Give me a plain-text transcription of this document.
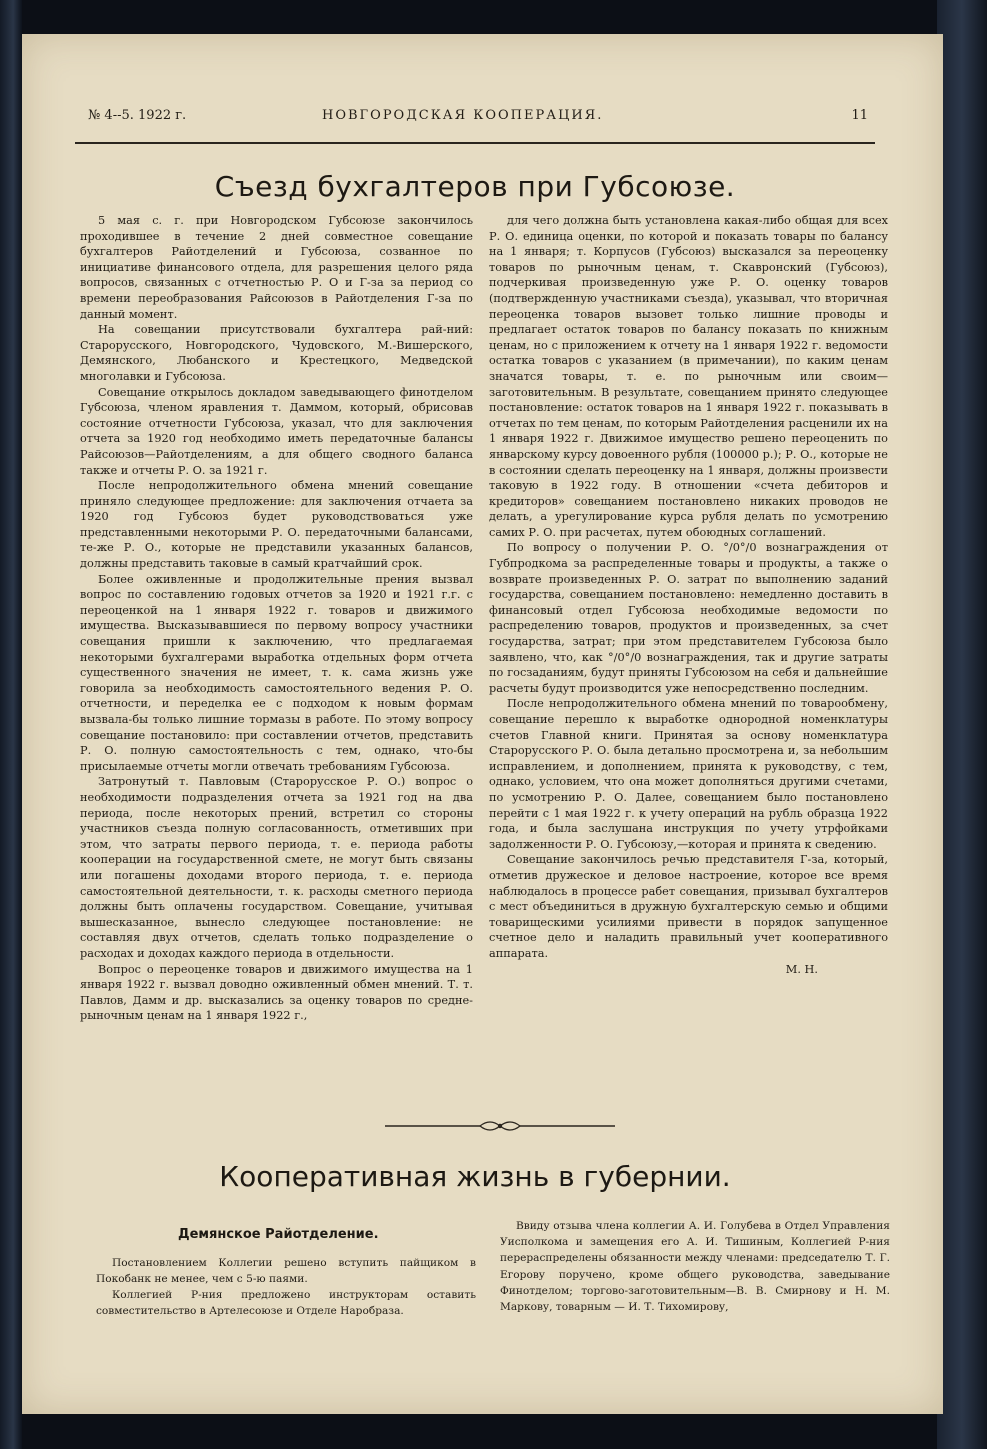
№ 4--5. 1922 г.	НОВГОРОДСКАЯ КООПЕРАЦИЯ.	11
Съезд бухгалтеров при Губсоюзе.

5 мая с. г. при Новгородском Губсоюзе закончилось проходившее в течение 2 дней совместное совещание бухгалтеров Райотделений и Губсоюза, созванное по инициативе финансового отдела, для разрешения целого ряда вопросов, связанных с отчетностью Р. О и Г-за за период со времени переобразования Райсоюзов в Райотделения Г-за по данный момент.

На совещании присутствовали бухгалтера рай-ний: Старорусского, Новгородского, Чудовского, М.-Вишерского, Демянского, Любанского и Крестецкого, Медведской многолавки и Губсоюза.

Совещание открылось докладом заведывающего финотделом Губсоюза, членом яравления т. Даммом, который, обрисовав состояние отчетности Губсоюза, указал, что для заключения отчета за 1920 год необходимо иметь передаточные балансы Райсоюзов—Райотделениям, а для общего сводного баланса также и отчеты Р. О. за 1921 г.

После непродолжительного обмена мнений совещание приняло следующее предложение: для заключения отчаета за 1920 год Губсоюз будет руководствоваться уже представленными некоторыми Р. О. передаточными балансами, те-же Р. О., которые не представили указанных балансов, должны представить таковые в самый кратчайший срок.

Более оживленные и продолжительные прения вызвал вопрос по составлению годовых отчетов за 1920 и 1921 г.г. с переоценкой на 1 января 1922 г. товаров и движимого имущества. Высказывавшиеся по первому вопросу участники совещания пришли к заключению, что предлагаемая некоторыми бухгалгерами выработка отдельных форм отчета существенного значения не имеет, т. к. сама жизнь уже говорила за необходимость самостоятельного ведения Р. О. отчетности, и переделка ее с подходом к новым формам вызвала-бы только лишние тормазы в работе. По этому вопросу совещание постановило: при составлении отчетов, представить Р. О. полную самостоятельность с тем, однако, что-бы присылаемые отчеты могли отвечать требованиям Губсоюза.

Затронутый т. Павловым (Старорусское Р. О.) вопрос о необходимости подразделения отчета за 1921 год на два периода, после некоторых прений, встретил со стороны участников съезда полную согласованность, отметивших при этом, что затраты первого периода, т. е. периода работы кооперации на государственной смете, не могут быть связаны или погашены доходами второго периода, т. е. периода самостоятельной деятельности, т. к. расходы сметного периода должны быть оплачены государством. Совещание, учитывая вышесказанное, вынесло следующее постановление: не составляя двух отчетов, сделать только подразделение о расходах и доходах каждого периода в отдельности.

Вопрос о переоценке товаров и движимого имущества на 1 января 1922 г. вызвал доводно оживленный обмен мнений. Т. т. Павлов, Дамм и др. высказались за оценку товаров по средне-рыночным ценам на 1 января 1922 г.,

для чего должна быть установлена какая-либо общая для всех Р. О. единица оценки, по которой и показать товары по балансу на 1 января; т. Корпусов (Губсоюз) высказался за переоценку товаров по рыночным ценам, т. Скавронский (Губсоюз), подчеркивая произведенную уже Р. О. оценку товаров (подтвержденную участниками съезда), указывал, что вторичная переоценка товаров вызовет только лишние проводы и предлагает остаток товаров по балансу показать по книжным ценам, но с приложением к отчету на 1 января 1922 г. ведомости остатка товаров с указанием (в примечании), по каким ценам значатся товары, т. е. по рыночным или своим— заготовительным. В результате, совещанием принято следующее постановление: остаток товаров на 1 января 1922 г. показывать в отчетах по тем ценам, по которым Райотделения расценили их на 1 января 1922 г. Движимое имущество решено переоценить по январскому курсу довоенного рубля (100000 р.); Р. О., которые не в состоянии сделать переоценку на 1 января, должны произвести таковую в 1922 году. В отношении «счета дебиторов и кредиторов» совещанием постановлено никаких проводов не делать, а урегулирование курса рубля делать по усмотрению самих Р. О. при расчетах, путем обоюдных соглашений.

По вопросу о получении Р. О. °/0°/0 вознаграждения от Губпродкома за распределенные товары и продукты, а также о возврате произведенных Р. О. затрат по выполнению заданий государства, совещанием постановлено: немедленно доставить в финансовый отдел Губсоюза необходимые ведомости по распределению товаров, продуктов и произведенных, за счет государства, затрат; при этом представителем Губсоюза было заявлено, что, как °/0°/0 вознаграждения, так и другие затраты по госзаданиям, будут приняты Губсоюзом на себя и дальнейшие расчеты будут производится уже непосредственно последним.

После непродолжительного обмена мнений по товарообмену, совещание перешло к выработке однородной номенклатуры счетов Главной книги. Принятая за основу номенклатура Старорусского Р. О. была детально просмотрена и, за небольшим исправлением, и дополнением, принята к руководству, с тем, однако, условием, что она может дополняться другими счетами, по усмотрению Р. О. Далее, совещанием было постановлено перейти с 1 мая 1922 г. к учету операций на рубль образца 1922 года, и была заслушана инструкция по учету утрфойками задолженности Р. О. Губсоюзу,—которая и принята к сведению.

Совещание закончилось речью представителя Г-за, который, отметив дружеское и деловое настроение, которое все время наблюдалось в процессе рабет совещания, призывал бухгалтеров с мест объединиться в дружную бухгалтерскую семью и общими товарищескими усилиями привести в порядок запущенное счетное дело и наладить правильный учет кооперативного аппарата.

М. Н.

Кооперативная жизнь в губернии.
Демянское Райотделение.

Постановлением Коллегии решено вступить пайщиком в Покобанк не менее, чем с 5-ю паями.

Коллегией Р-ния предложено инструкторам оставить совместительство в Артелесоюзе и Отделе Наробраза.

Ввиду отзыва члена коллегии А. И. Голубева в Отдел Управления Уисполкома и замещения его А. И. Тишиным, Коллегией Р-ния перераспределены обязанности между членами: председателю Т. Г. Егорову поручено, кроме общего руководства, заведывание Финотделом; торгово-заготовительным—В. В. Смирнову и Н. М. Маркову, товарным — И. Т. Тихомирову,
